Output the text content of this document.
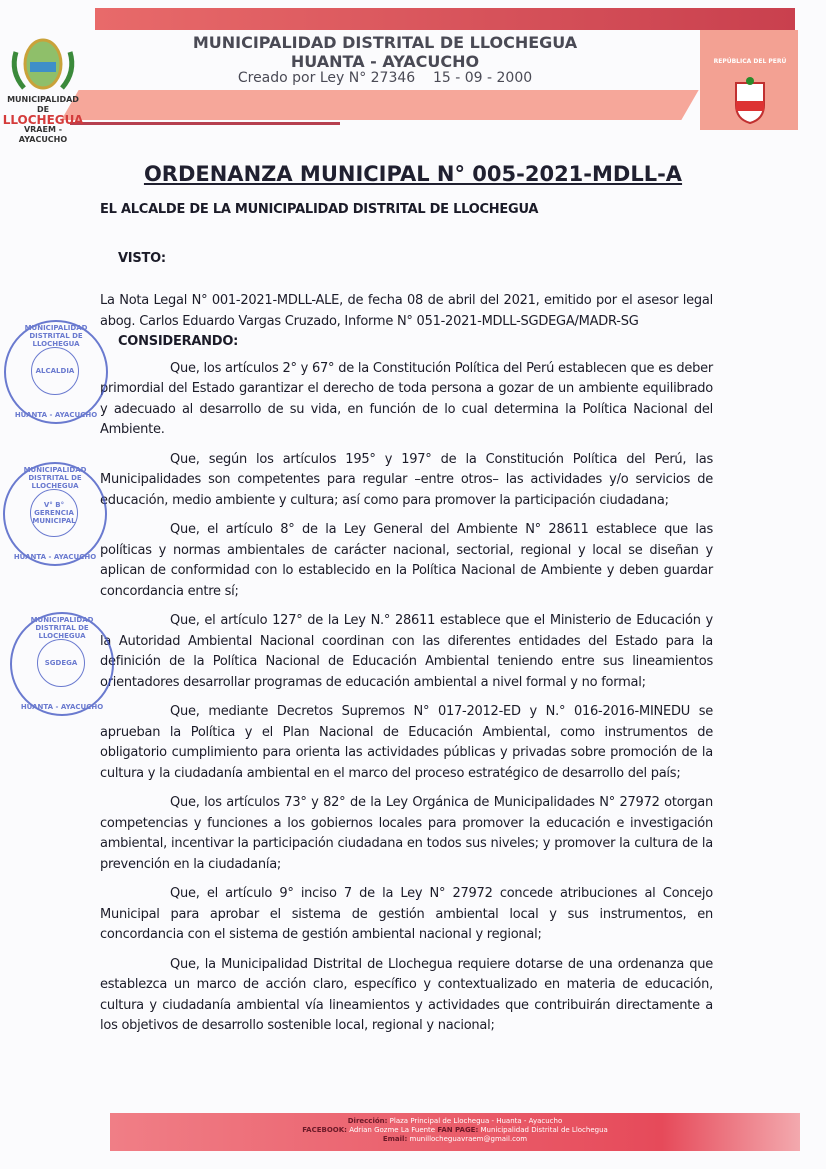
MUNICIPALIDAD DE
LLOCHEGUA
VRAEM - AYACUCHO
MUNICIPALIDAD DISTRITAL DE LLOCHEGUA
HUANTA - AYACUCHO
Creado por Ley N° 27346    15 - 09 - 2000
REPÚBLICA DEL PERÚ
ORDENANZA MUNICIPAL N° 005-2021-MDLL-A

EL ALCALDE DE LA MUNICIPALIDAD DISTRITAL DE LLOCHEGUA

VISTO:

La Nota Legal N° 001-2021-MDLL-ALE, de fecha 08 de abril del 2021, emitido por el asesor legal abog. Carlos Eduardo Vargas Cruzado, Informe N° 051-2021-MDLL-SGDEGA/MADR-SG

CONSIDERANDO:

Que, los artículos 2° y 67° de la Constitución Política del Perú establecen que es deber primordial del Estado garantizar el derecho de toda persona a gozar de un ambiente equilibrado y adecuado al desarrollo de su vida, en función de lo cual determina la Política Nacional del Ambiente.

Que, según los artículos 195° y 197° de la Constitución Política del Perú, las Municipalidades son competentes para regular –entre otros– las actividades y/o servicios de educación, medio ambiente y cultura; así como para promover la participación ciudadana;

Que, el artículo 8° de la Ley General del Ambiente N° 28611 establece que las políticas y normas ambientales de carácter nacional, sectorial, regional y local se diseñan y aplican de conformidad con lo establecido en la Política Nacional de Ambiente y deben guardar concordancia entre sí;

Que, el artículo 127° de la Ley N.° 28611 establece que el Ministerio de Educación y la Autoridad Ambiental Nacional coordinan con las diferentes entidades del Estado para la definición de la Política Nacional de Educación Ambiental teniendo entre sus lineamientos orientadores desarrollar programas de educación ambiental a nivel formal y no formal;

Que, mediante Decretos Supremos N° 017-2012-ED y N.° 016-2016-MINEDU se aprueban la Política y el Plan Nacional de Educación Ambiental, como instrumentos de obligatorio cumplimiento para orienta las actividades públicas y privadas sobre promoción de la cultura y la ciudadanía ambiental en el marco del proceso estratégico de desarrollo del país;

Que, los artículos 73° y 82° de la Ley Orgánica de Municipalidades N° 27972 otorgan competencias y funciones a los gobiernos locales para promover la educación e investigación ambiental, incentivar la participación ciudadana en todos sus niveles; y promover la cultura de la prevención en la ciudadanía;

Que, el artículo 9° inciso 7 de la Ley N° 27972 concede atribuciones al Concejo Municipal para aprobar el sistema de gestión ambiental local y sus instrumentos, en concordancia con el sistema de gestión ambiental nacional y regional;

Que, la Municipalidad Distrital de Llochegua requiere dotarse de una ordenanza que establezca un marco de acción claro, específico y contextualizado en materia de educación, cultura y ciudadanía ambiental vía lineamientos y actividades que contribuirán directamente a los objetivos de desarrollo sostenible local, regional y nacional;

MUNICIPALIDAD DISTRITAL DE LLOCHEGUA
ALCALDIA
HUANTA - AYACUCHO
MUNICIPALIDAD DISTRITAL DE LLOCHEGUA
V° B° GERENCIA MUNICIPAL
HUANTA - AYACUCHO
MUNICIPALIDAD DISTRITAL DE LLOCHEGUA
SGDEGA
HUANTA - AYACUCHO
Dirección: Plaza Principal de Llochegua - Huanta - Ayacucho
FACEBOOK: Adrian Gozme La Fuente FAN PAGE: Municipalidad Distrital de Llochegua
Email: munillocheguavraem@gmail.com
